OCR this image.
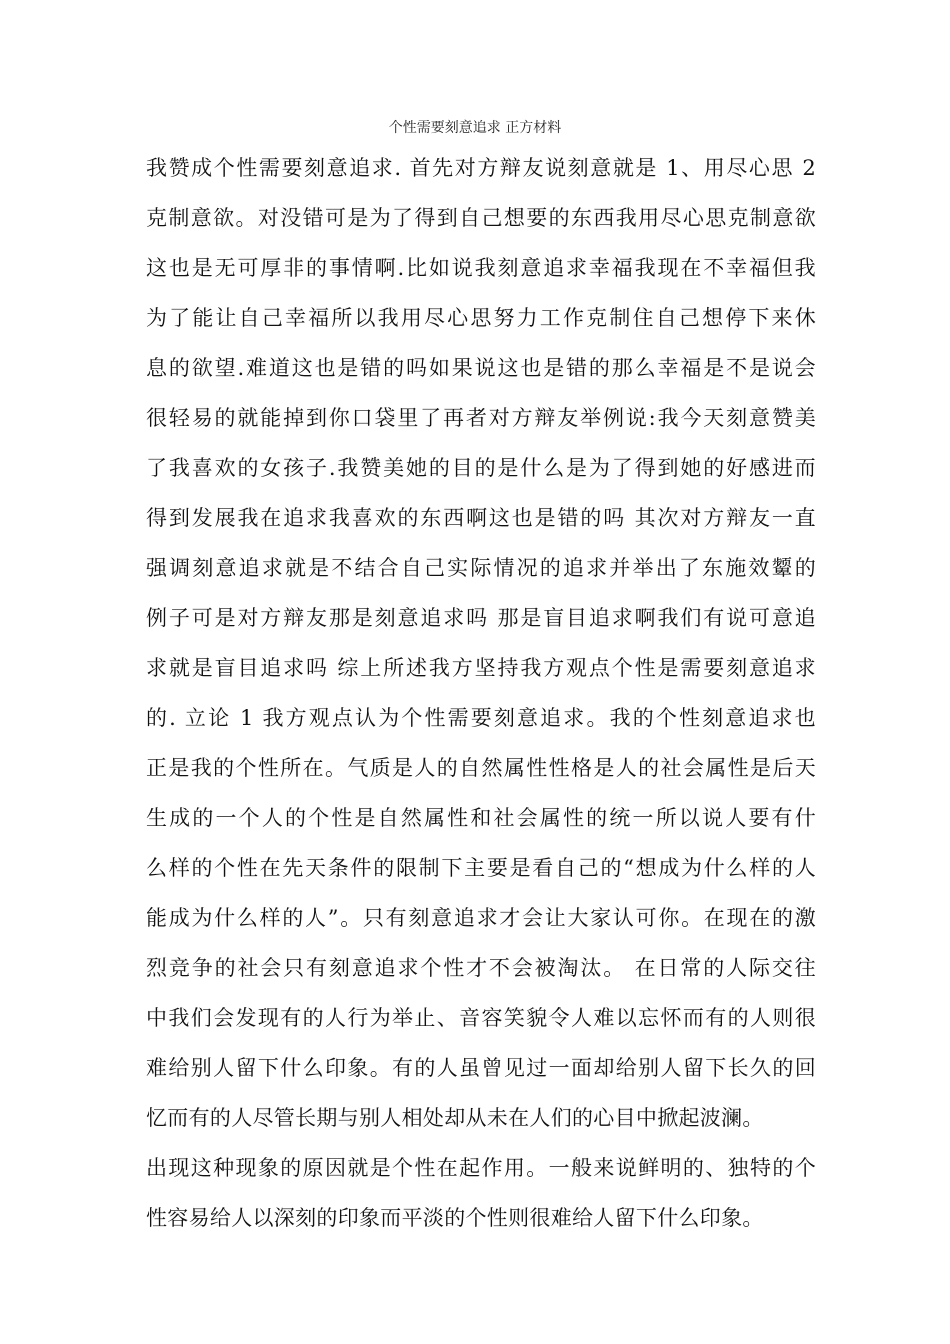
个性需要刻意追求 正方材料
我赞成个性需要刻意追求. 首先对方辩友说刻意就是 1、用尽心思 2
克制意欲。对没错可是为了得到自己想要的东西我用尽心思克制意欲
这也是无可厚非的事情啊.比如说我刻意追求幸福我现在不幸福但我
为了能让自己幸福所以我用尽心思努力工作克制住自己想停下来休
息的欲望.难道这也是错的吗如果说这也是错的那么幸福是不是说会
很轻易的就能掉到你口袋里了再者对方辩友举例说:我今天刻意赞美
了我喜欢的女孩子.我赞美她的目的是什么是为了得到她的好感进而
得到发展我在追求我喜欢的东西啊这也是错的吗 其次对方辩友一直
强调刻意追求就是不结合自己实际情况的追求并举出了东施效颦的
例子可是对方辩友那是刻意追求吗 那是盲目追求啊我们有说可意追
求就是盲目追求吗 综上所述我方坚持我方观点个性是需要刻意追求
的. 立论 1 我方观点认为个性需要刻意追求。我的个性刻意追求也
正是我的个性所在。气质是人的自然属性性格是人的社会属性是后天
生成的一个人的个性是自然属性和社会属性的统一所以说人要有什
么样的个性在先天条件的限制下主要是看自己的“想成为什么样的人
能成为什么样的人”。只有刻意追求才会让大家认可你。在现在的激
烈竞争的社会只有刻意追求个性才不会被淘汰。 在日常的人际交往
中我们会发现有的人行为举止、音容笑貌令人难以忘怀而有的人则很
难给别人留下什么印象。有的人虽曾见过一面却给别人留下长久的回
忆而有的人尽管长期与别人相处却从未在人们的心目中掀起波澜。
出现这种现象的原因就是个性在起作用。一般来说鲜明的、独特的个
性容易给人以深刻的印象而平淡的个性则很难给人留下什么印象。
